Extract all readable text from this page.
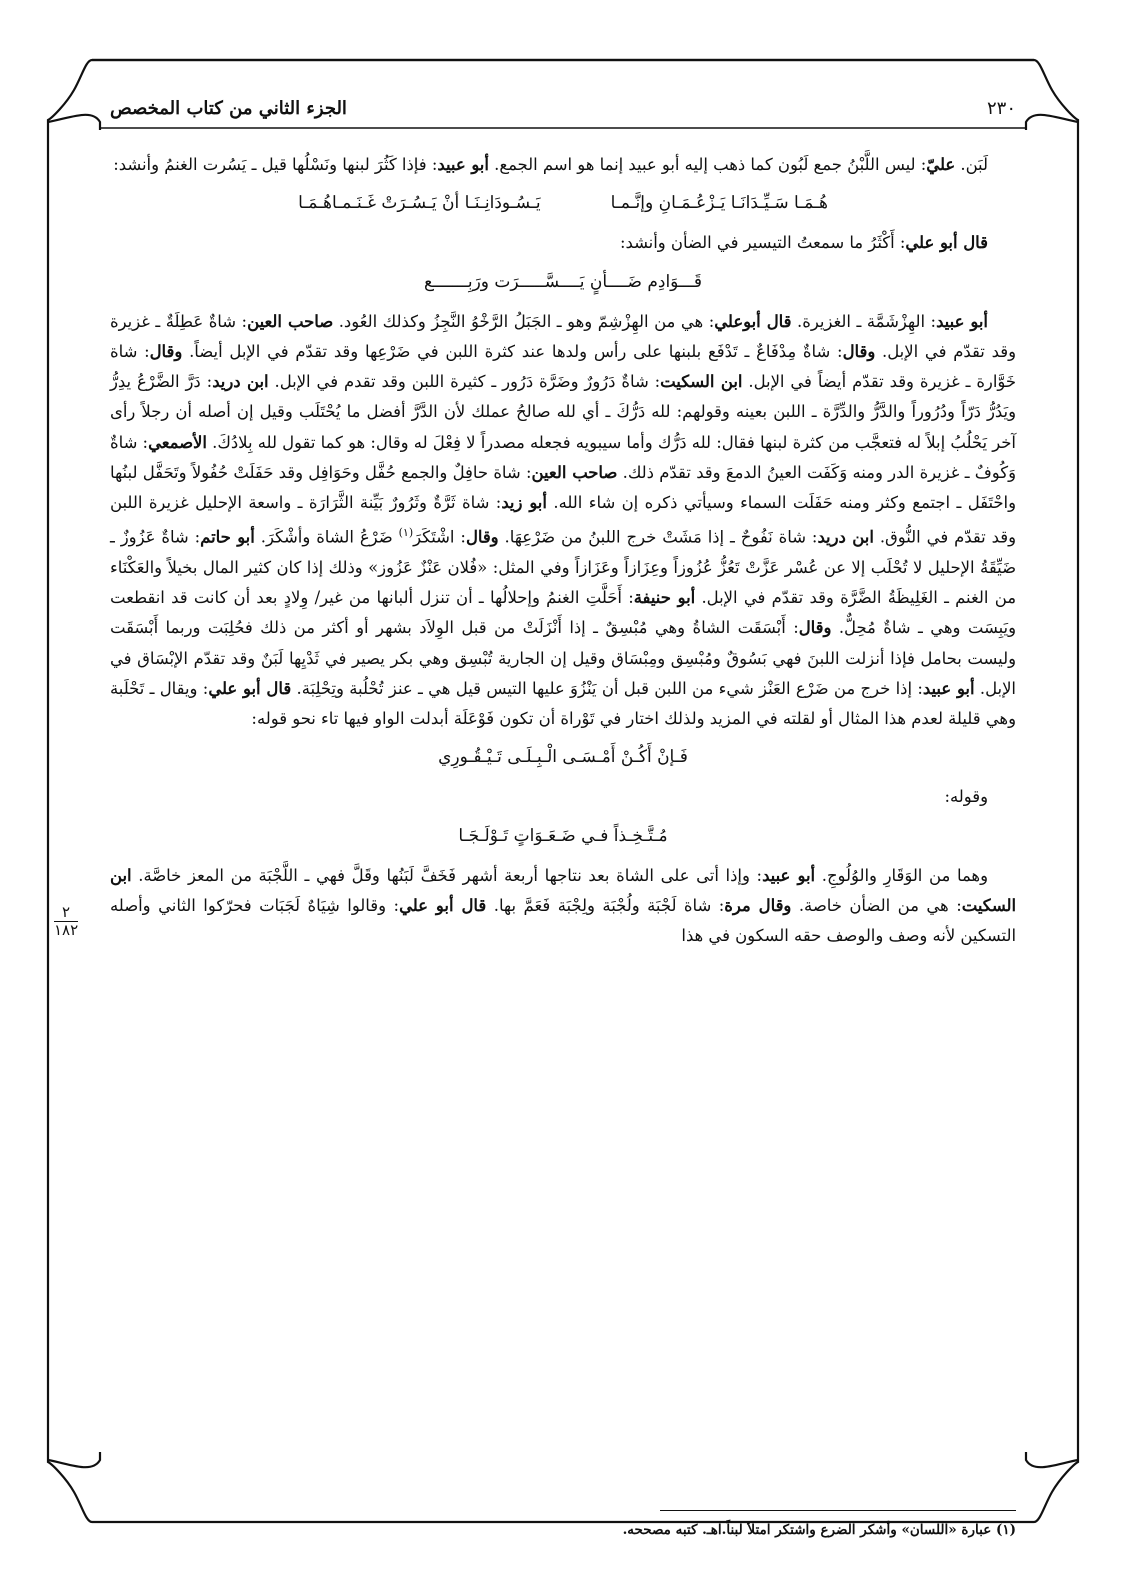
الجزء الثاني من كتاب المخصص	٢٣٠

لَبَن. عليّ: ليس اللَّبْنُ جمع لَبُون كما ذهب إليه أبو عبيد إنما هو اسم الجمع. أبو عبيد: فإذا كَثُرَ لبنها ونَسْلُها قيل ـ يَسُرت الغنمُ وأنشد:

هُـمَـا سَـيِّـدَانَـا يَـزْعُـمَـانِ وإنَّـمـا
يَـسُـودَانِـنَـا أنْ يَـسُـرَتْ غَـنَـمـاهُـمَـا

قال أبو علي: أَكْثَرُ ما سمعتُ التيسير في الضأن وأنشد:

قَـــوَادِم ضَــــأنٍ يَــــسَّـــــرَت ورَبِـــــــع

أبو عبيد: الهِزْشَمَّة ـ الغزيرة. قال أبوعلي: هي من الهِزْشِمّ وهو ـ الجَبَلُ الرَّخْوُ النَّجِزُ وكذلك العُود. صاحب العين: شاةٌ عَطِلَةٌ ـ غزيرة وقد تقدّم في الإبل. وقال: شاةٌ مِدْفَاعٌ ـ تَدْفَع بلبنها على رأس ولدها عند كثرة اللبن في ضَرْعِها وقد تقدّم في الإبل أيضاً. وقال: شاة خَوَّارة ـ غزيرة وقد تقدّم أيضاً في الإبل. ابن السكيت: شاةٌ دَرُورٌ وضَرَّة دَرُور ـ كثيرة اللبن وقد تقدم في الإبل. ابن دريد: دَرَّ الضَّرْعُ يدِرُّ ويَدُرُّ دَرّاً ودُرُوراً والدَّرُّ والدِّرَّة ـ اللبن بعينه وقولهم: لله دَرُّكَ ـ أي لله صالحُ عملك لأن الدَّرَّ أفضل ما يُحْتَلَب وقيل إن أصله أن رجلاً رأى آخر يَحْلُبُ إبلاً له فتعجَّب من كثرة لبنها فقال: لله دَرُّك وأما سيبويه فجعله مصدراً لا فِعْلَ له وقال: هو كما تقول لله بِلادُكَ. الأصمعي: شاةٌ وَكُوفٌ ـ غزيرة الدر ومنه وَكَفَت العينُ الدمعَ وقد تقدّم ذلك. صاحب العين: شاة حافِلٌ والجمع حُفَّل وحَوَافِل وقد حَفَلَتْ حُفُولاً وتَحَفَّل لبنُها واحْتَفَل ـ اجتمع وكثر ومنه حَفَلَت السماء وسيأتي ذكره إن شاء الله. أبو زيد: شاة ثَرَّةٌ وثَرُورٌ بَيِّنة الثَّرَارَة ـ واسعة الإحليل غزيرة اللبن وقد تقدّم في النُّوق. ابن دريد: شاة نَفُوحٌ ـ إذا مَشَتْ خرج اللبنُ من ضَرْعِهَا. وقال: اشْتَكَرَ$^{(١)}$ ضَرْعُ الشاة وأشْكَرَ. أبو حاتم: شاةٌ عَزُوزٌ ـ ضَيِّقَةُ الإحليل لا تُحْلَب إلا عن عُسْر عَزَّتْ تَعُزُّ عُزُوزاً وعِزَازاً وعَزَازاً وفي المثل: «فُلان عَنْزٌ عَزُوز» وذلك إذا كان كثير المال بخيلاً والعَكْنَاء من الغنم ـ الغَلِيظَةُ الضَّرَّة وقد تقدّم في الإبل. أبو حنيفة: أَحَلَّتِ الغنمُ وإحلالُها ـ أن تنزل ألبانها من غير/ وِلادٍ بعد أن كانت قد انقطعت ويَبِسَت وهي ـ شاةٌ مُحِلٌّ. وقال: أَبْسَقَت الشاةُ وهي مُبْسِقٌ ـ إذا أَنْزَلَتْ من قبل الوِلاَد بشهر أو أكثر من ذلك فحُلِبَت وربما أَبْسَقَت وليست بحامل فإذا أنزلت اللبنَ فهي بَسُوقٌ ومُبْسِق ومِبْسَاق وقيل إن الجارية تُبْسِق وهي بكر يصير في ثَدْيِها لَبَنٌ وقد تقدّم الإبْسَاق في الإبل. أبو عبيد: إذا خرج من ضَرْع العَنْز شيء من اللبن قبل أن يَنْزُوَ عليها التيس قيل هي ـ عنز تُحْلُبة وتِحْلِبَة. قال أبو علي: ويقال ـ تَحْلَبة وهي قليلة لعدم هذا المثال أو لقلته في المزيد ولذلك اختار في تَوْراة أن تكون فَوْعَلَة أبدلت الواو فيها تاء نحو قوله:

فَـإنْ أَكُـنْ أَمْـسَـى الْـبِـلَـى تَـيْـقُـورِي

وقوله:

مُـتَّـخِـذاً فـي ضَـعَـوَاتٍ تَـوْلَـجَـا

وهما من الوَقَارِ والوُلُوجِ. أبو عبيد: وإذا أتى على الشاة بعد نتاجها أربعة أشهر فَخَفَّ لَبَنُها وقَلَّ فهي ـ اللَّجْبَة من المعز خاصَّة. ابن السكيت: هي من الضأن خاصة. وقال مرة: شاة لَجْبَة ولُجْبَة ولِجْبَة فَعَمَّ بها. قال أبو علي: وقالوا شِيَاهٌ لَجَبَات فحرّكوا الثاني وأصله التسكين لأنه وصف والوصف حقه السكون في هذا

٢
١٨٢
(١) عبارة «اللسان» وأشكر الضرع واشتكر امتلأ لبناً.اهـ. كتبه مصححه.
